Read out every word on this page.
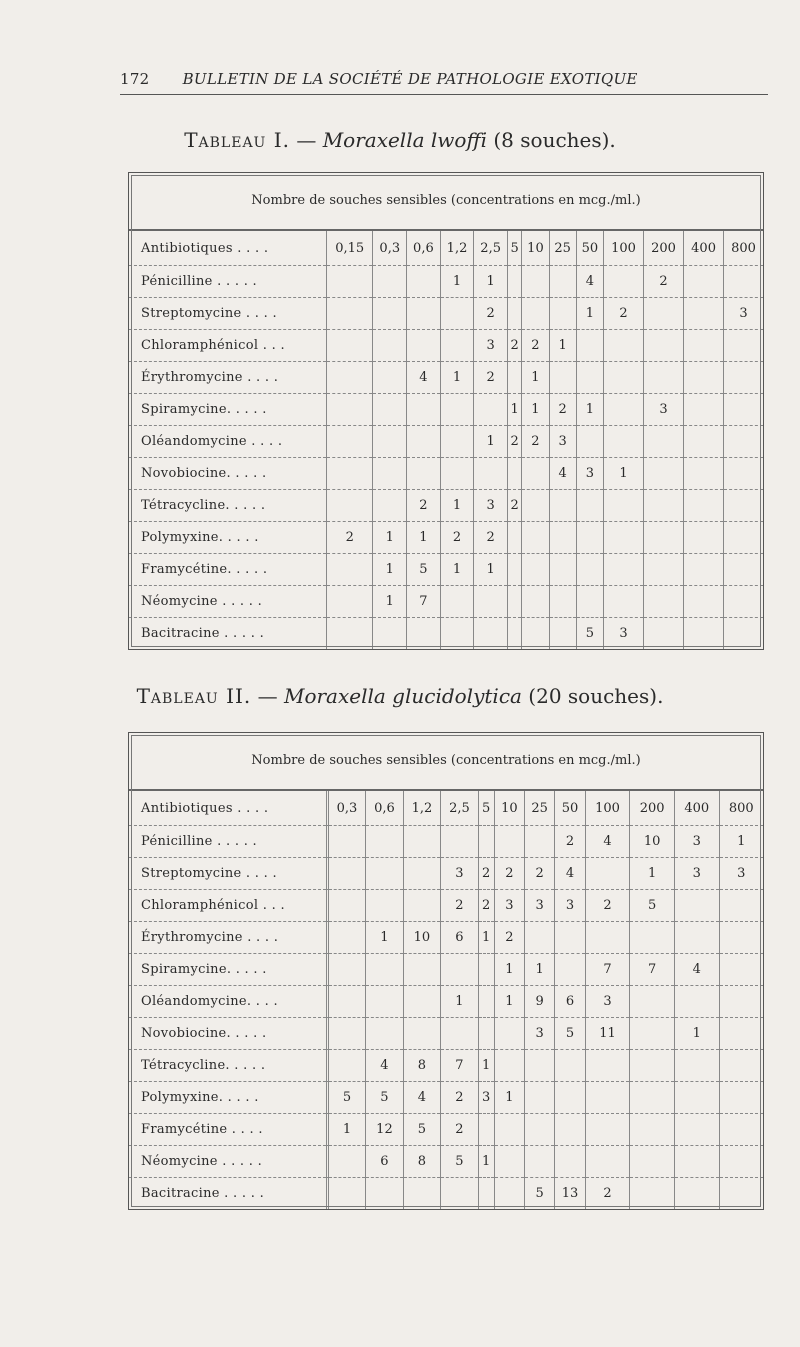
172 BULLETIN DE LA SOCIÉTÉ DE PATHOLOGIE EXOTIQUE
Tableau I. — Moraxella lwoffi (8 souches).
Nombre de souches sensibles (concentrations en mcg./ml.)
Antibiotiques . . . .	0,15	0,3	0,6	1,2	2,5	5	10	25	50	100	200	400	800
Pénicilline . . . . .				1	1				4		2		
Streptomycine . . . .					2				1	2			3
Chloramphénicol . . .					3	2	2	1					
Érythromycine . . . .			4	1	2		1						
Spiramycine. . . . .						1	1	2	1		3		
Oléandomycine . . . .					1	2	2	3					
Novobiocine. . . . .								4	3	1			
Tétracycline. . . . .			2	1	3	2							
Polymyxine. . . . .	2	1	1	2	2								
Framycétine. . . . .		1	5	1	1								
Néomycine . . . . .		1	7										
Bacitracine . . . . .									5	3			
Tableau II. — Moraxella glucidolytica (20 souches).
Nombre de souches sensibles (concentrations en mcg./ml.)
Antibiotiques . . . .		0,3	0,6	1,2	2,5	5	10	25	50	100	200	400	800
Pénicilline . . . . .									2	4	10	3	1
Streptomycine . . . .					3	2	2	2	4		1	3	3
Chloramphénicol . . .					2	2	3	3	3	2	5		
Érythromycine . . . .			1	10	6	1	2						
Spiramycine. . . . .							1	1		7	7	4	
Oléandomycine. . . .					1		1	9	6	3			
Novobiocine. . . . .								3	5	11		1	
Tétracycline. . . . .			4	8	7	1							
Polymyxine. . . . .		5	5	4	2	3	1						
Framycétine . . . .		1	12	5	2								
Néomycine . . . . .			6	8	5	1							
Bacitracine . . . . .								5	13	2			
